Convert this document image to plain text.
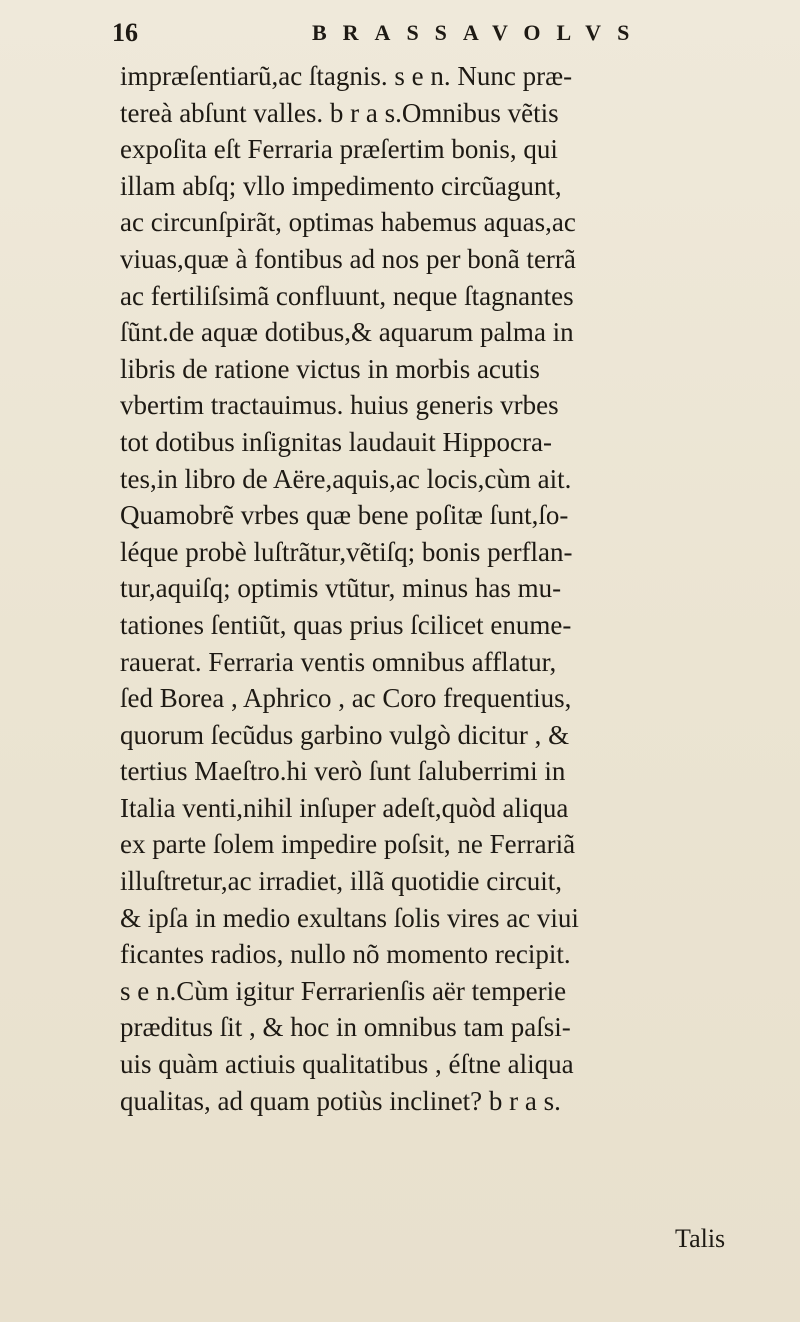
16	BRASSAVOLVS
impræſentiarũ,ac ſtagnis. s e n. Nunc præ-
tereà abſunt valles. b r a s.Omnibus vẽtis
expoſita eſt Ferraria præſertim bonis, qui
illam abſq; vllo impedimento circũagunt,
ac circunſpirãt, optimas habemus aquas,ac
viuas,quæ à fontibus ad nos per bonã terrã
ac fertiliſsimã confluunt, neque ſtagnantes
ſũnt.de aquæ dotibus,& aquarum palma in
libris de ratione victus in morbis acutis
vbertim tractauimus. huius generis vrbes
tot dotibus inſignitas laudauit Hippocra-
tes,in libro de Aëre,aquis,ac locis,cùm ait.
Quamobrẽ vrbes quæ bene poſitæ ſunt,ſo-
léque probè luſtrãtur,vẽtiſq; bonis perflan-
tur,aquiſq; optimis vtũtur, minus has mu-
tationes ſentiũt, quas prius ſcilicet enume-
rauerat. Ferraria ventis omnibus afflatur,
ſed Borea , Aphrico , ac Coro frequentius,
quorum ſecũdus garbino vulgò dicitur , &
tertius Maeſtro.hi verò ſunt ſaluberrimi in
Italia venti,nihil inſuper adeſt,quòd aliqua
ex parte ſolem impedire poſsit, ne Ferrariã
illuſtretur,ac irradiet, illã quotidie circuit,
& ipſa in medio exultans ſolis vires ac viui
ficantes radios, nullo nõ momento recipit.
s e n.Cùm igitur Ferrarienſis aër temperie
præditus ſit , & hoc in omnibus tam paſsi-
uis quàm actiuis qualitatibus , éſtne aliqua
qualitas, ad quam potiùs inclinet? b r a s.
Talis
